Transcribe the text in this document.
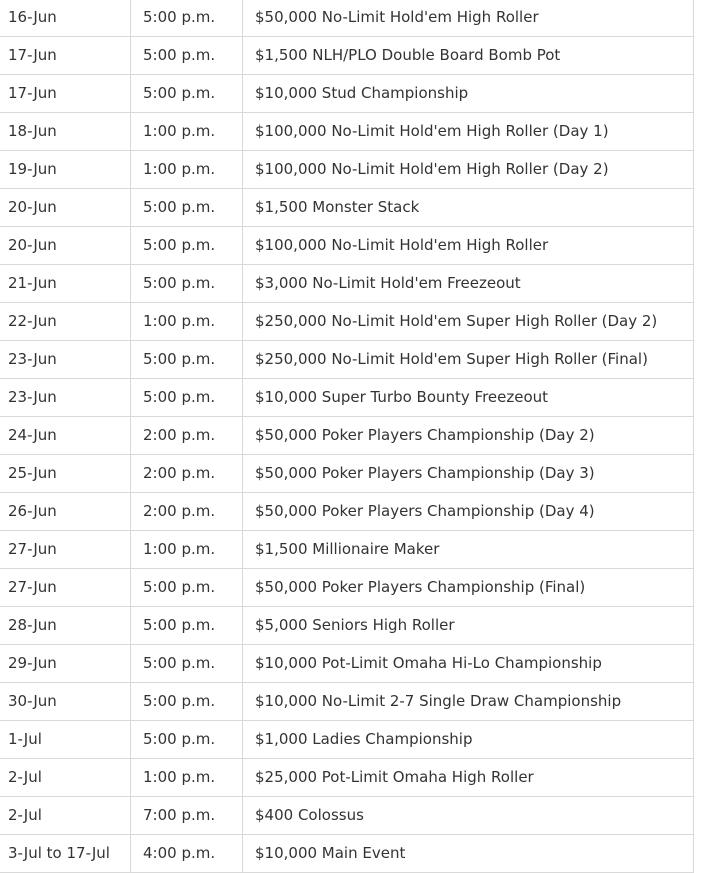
16-Jun	5:00 p.m.	$50,000 No-Limit Hold'em High Roller
17-Jun	5:00 p.m.	$1,500 NLH/PLO Double Board Bomb Pot
17-Jun	5:00 p.m.	$10,000 Stud Championship
18-Jun	1:00 p.m.	$100,000 No-Limit Hold'em High Roller (Day 1)
19-Jun	1:00 p.m.	$100,000 No-Limit Hold'em High Roller (Day 2)
20-Jun	5:00 p.m.	$1,500 Monster Stack
20-Jun	5:00 p.m.	$100,000 No-Limit Hold'em High Roller
21-Jun	5:00 p.m.	$3,000 No-Limit Hold'em Freezeout
22-Jun	1:00 p.m.	$250,000 No-Limit Hold'em Super High Roller (Day 2)
23-Jun	5:00 p.m.	$250,000 No-Limit Hold'em Super High Roller (Final)
23-Jun	5:00 p.m.	$10,000 Super Turbo Bounty Freezeout
24-Jun	2:00 p.m.	$50,000 Poker Players Championship (Day 2)
25-Jun	2:00 p.m.	$50,000 Poker Players Championship (Day 3)
26-Jun	2:00 p.m.	$50,000 Poker Players Championship (Day 4)
27-Jun	1:00 p.m.	$1,500 Millionaire Maker
27-Jun	5:00 p.m.	$50,000 Poker Players Championship (Final)
28-Jun	5:00 p.m.	$5,000 Seniors High Roller
29-Jun	5:00 p.m.	$10,000 Pot-Limit Omaha Hi-Lo Championship
30-Jun	5:00 p.m.	$10,000 No-Limit 2-7 Single Draw Championship
1-Jul	5:00 p.m.	$1,000 Ladies Championship
2-Jul	1:00 p.m.	$25,000 Pot-Limit Omaha High Roller
2-Jul	7:00 p.m.	$400 Colossus
3-Jul to 17-Jul	4:00 p.m.	$10,000 Main Event
